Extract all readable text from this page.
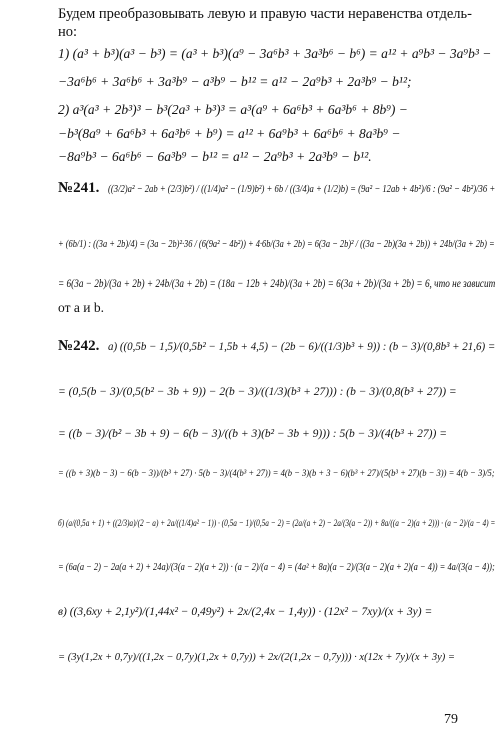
Будем преобразовывать левую и правую части неравенства отдель-
но:
1) (a³ + b³)(a³ − b³) = (a³ + b³)(a⁹ − 3a⁶b³ + 3a³b⁶ − b⁶) = a¹² + a⁹b³ − 3a⁹b³ −
−3a⁶b⁶ + 3a⁶b⁶ + 3a³b⁹ − a³b⁹ − b¹² = a¹² − 2a⁹b³ + 2a³b⁹ − b¹²;
2) a³(a³ + 2b³)³ − b³(2a³ + b³)³ = a³(a⁹ + 6a⁶b³ + 6a³b⁶ + 8b⁹) −
−b³(8a⁹ + 6a⁶b³ + 6a³b⁶ + b⁹) = a¹² + 6a⁹b³ + 6a⁶b⁶ + 8a³b⁹ −
−8a⁹b³ − 6a⁶b⁶ − 6a³b⁹ − b¹² = a¹² − 2a⁹b³ + 2a³b⁹ − b¹².
№241. ((3/2)a² − 2ab + (2/3)b²) / ((1/4)a² − (1/9)b²) + 6b / ((3/4)a + (1/2)b) = (9a² − 12ab + 4b²)/6 : (9a² − 4b²)/36 +
+ (6b/1) : ((3a + 2b)/4) = (3a − 2b)²·36 / (6(9a² − 4b²)) + 4·6b/(3a + 2b) = 6(3a − 2b)² / ((3a − 2b)(3a + 2b)) + 24b/(3a + 2b) =
= 6(3a − 2b)/(3a + 2b) + 24b/(3a + 2b) = (18a − 12b + 24b)/(3a + 2b) = 6(3a + 2b)/(3a + 2b) = 6, что не зависит
от a и b.
№242. а) ((0,5b − 1,5)/(0,5b² − 1,5b + 4,5) − (2b − 6)/((1/3)b³ + 9)) : (b − 3)/(0,8b³ + 21,6) =
= (0,5(b − 3)/(0,5(b² − 3b + 9)) − 2(b − 3)/((1/3)(b³ + 27))) : (b − 3)/(0,8(b³ + 27)) =
= ((b − 3)/(b² − 3b + 9) − 6(b − 3)/((b + 3)(b² − 3b + 9))) : 5(b − 3)/(4(b³ + 27)) =
= ((b + 3)(b − 3) − 6(b − 3))/(b³ + 27) · 5(b − 3)/(4(b³ + 27)) = 4(b − 3)(b + 3 − 6)(b³ + 27)/(5(b³ + 27)(b − 3)) = 4(b − 3)/5;
б) (a/(0,5a + 1) + ((2/3)a)/(2 − a) + 2a/((1/4)a² − 1)) · (0,5a − 1)/(0,5a − 2) = (2a/(a + 2) − 2a/(3(a − 2)) + 8a/((a − 2)(a + 2))) · (a − 2)/(a − 4) =
= (6a(a − 2) − 2a(a + 2) + 24a)/(3(a − 2)(a + 2)) · (a − 2)/(a − 4) = (4a² + 8a)(a − 2)/(3(a − 2)(a + 2)(a − 4)) = 4a/(3(a − 4));
в) ((3,6xy + 2,1y²)/(1,44x² − 0,49y²) + 2x/(2,4x − 1,4y)) · (12x² − 7xy)/(x + 3y) =
= (3y(1,2x + 0,7y)/((1,2x − 0,7y)(1,2x + 0,7y)) + 2x/(2(1,2x − 0,7y))) · x(12x + 7y)/(x + 3y) =
79
